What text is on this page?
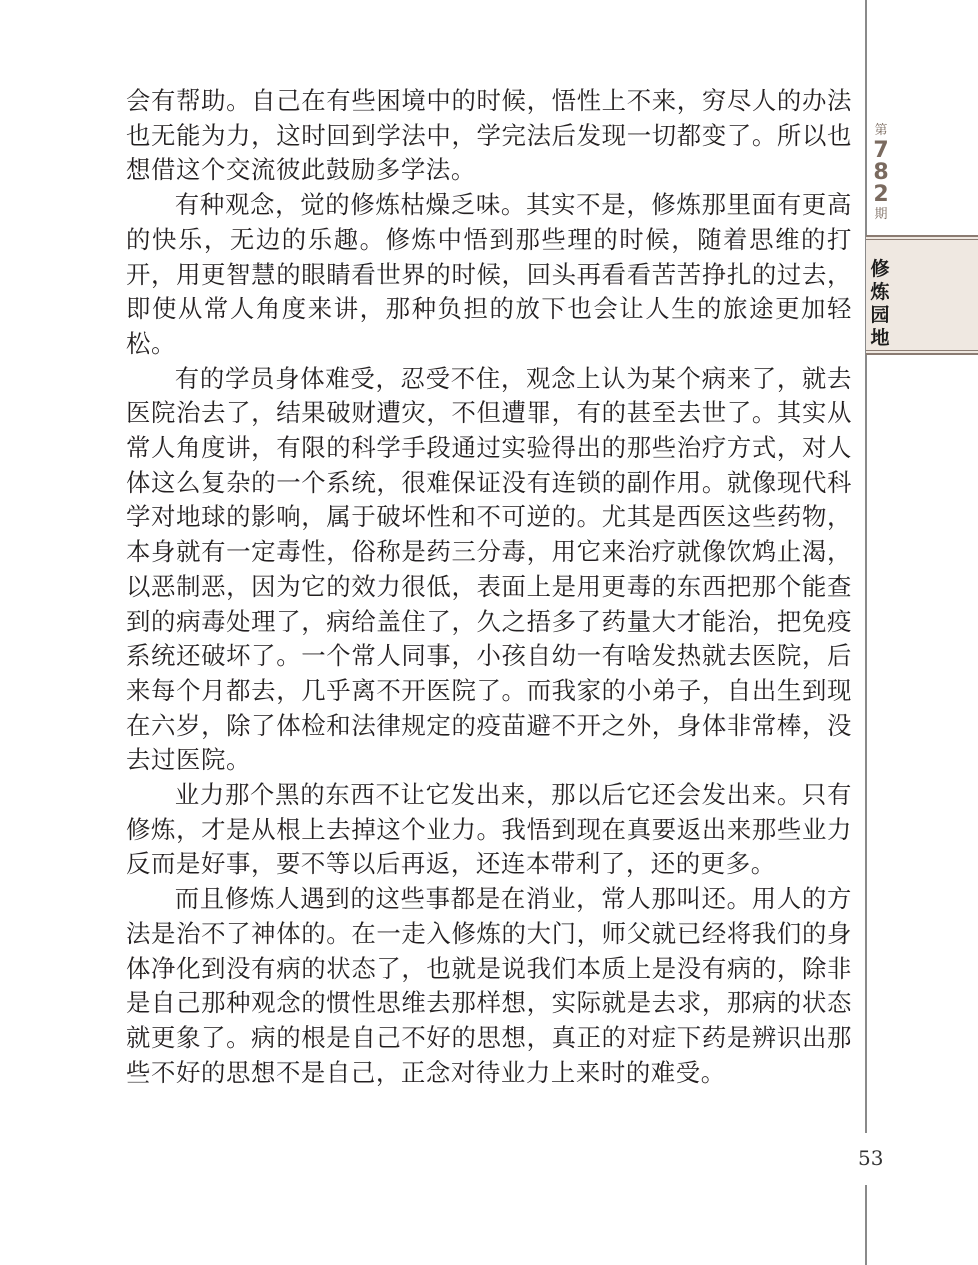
会有帮助。自己在有些困境中的时候，悟性上不来，穷尽人的办法也无能为力，这时回到学法中，学完法后发现一切都变了。所以也想借这个交流彼此鼓励多学法。

有种观念，觉的修炼枯燥乏味。其实不是，修炼那里面有更高的快乐，无边的乐趣。修炼中悟到那些理的时候，随着思维的打开，用更智慧的眼睛看世界的时候，回头再看看苦苦挣扎的过去，即使从常人角度来讲，那种负担的放下也会让人生的旅途更加轻松。

有的学员身体难受，忍受不住，观念上认为某个病来了，就去医院治去了，结果破财遭灾，不但遭罪，有的甚至去世了。其实从常人角度讲，有限的科学手段通过实验得出的那些治疗方式，对人体这么复杂的一个系统，很难保证没有连锁的副作用。就像现代科学对地球的影响，属于破坏性和不可逆的。尤其是西医这些药物，本身就有一定毒性，俗称是药三分毒，用它来治疗就像饮鸩止渴，以恶制恶，因为它的效力很低，表面上是用更毒的东西把那个能查到的病毒处理了，病给盖住了，久之捂多了药量大才能治，把免疫系统还破坏了。一个常人同事，小孩自幼一有啥发热就去医院，后来每个月都去，几乎离不开医院了。而我家的小弟子，自出生到现在六岁，除了体检和法律规定的疫苗避不开之外，身体非常棒，没去过医院。

业力那个黑的东西不让它发出来，那以后它还会发出来。只有修炼，才是从根上去掉这个业力。我悟到现在真要返出来那些业力反而是好事，要不等以后再返，还连本带利了，还的更多。

而且修炼人遇到的这些事都是在消业，常人那叫还。用人的方法是治不了神体的。在一走入修炼的大门，师父就已经将我们的身体净化到没有病的状态了，也就是说我们本质上是没有病的，除非是自己那种观念的惯性思维去那样想，实际就是去求，那病的状态就更象了。病的根是自己不好的思想，真正的对症下药是辨识出那些不好的思想不是自己，正念对待业力上来时的难受。

第
7
8
2
期
修
炼
园
地
53
